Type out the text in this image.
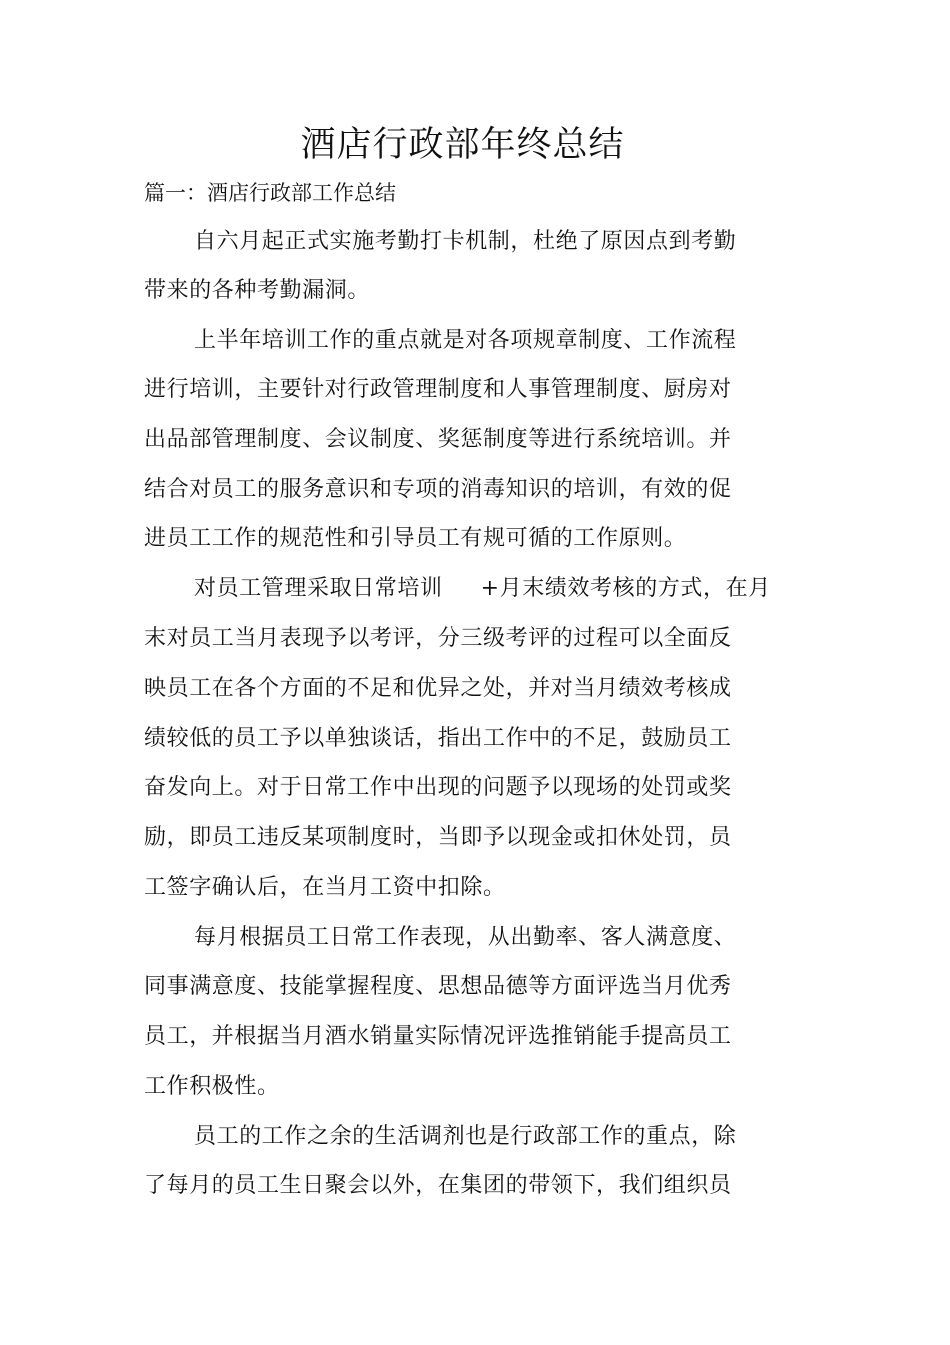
酒店行政部年终总结

篇一：酒店行政部工作总结

自六月起正式实施考勤打卡机制，杜绝了原因点到考勤

带来的各种考勤漏洞。

上半年培训工作的重点就是对各项规章制度、工作流程

进行培训，主要针对行政管理制度和人事管理制度、厨房对

出品部管理制度、会议制度、奖惩制度等进行系统培训。并

结合对员工的服务意识和专项的消毒知识的培训，有效的促

进员工工作的规范性和引导员工有规可循的工作原则。

对员工管理采取日常培训     +月末绩效考核的方式，在月

末对员工当月表现予以考评，分三级考评的过程可以全面反

映员工在各个方面的不足和优异之处，并对当月绩效考核成

绩较低的员工予以单独谈话，指出工作中的不足，鼓励员工

奋发向上。对于日常工作中出现的问题予以现场的处罚或奖

励，即员工违反某项制度时，当即予以现金或扣休处罚，员

工签字确认后，在当月工资中扣除。

每月根据员工日常工作表现，从出勤率、客人满意度、

同事满意度、技能掌握程度、思想品德等方面评选当月优秀

员工，并根据当月酒水销量实际情况评选推销能手提高员工

工作积极性。

员工的工作之余的生活调剂也是行政部工作的重点，除

了每月的员工生日聚会以外，在集团的带领下，我们组织员
